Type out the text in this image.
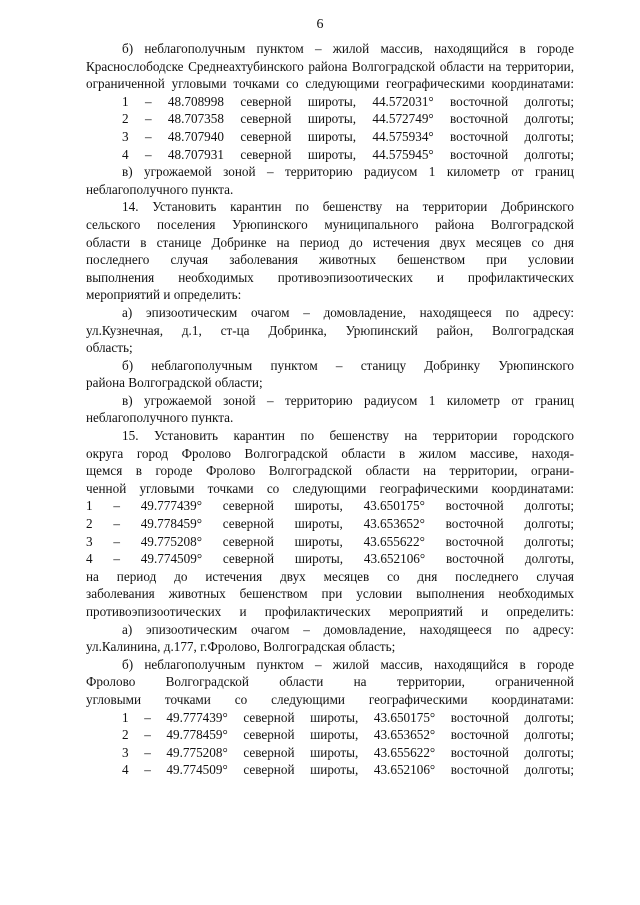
6

б) неблагополучным пунктом – жилой массив, находящийся в городе

Краснослободске Среднеахтубинского района Волгоградской области на территории,

ограниченной угловыми точками со следующими географическими координатами:

1 – 48.708998 северной широты, 44.572031° восточной долготы;

2 – 48.707358 северной широты, 44.572749° восточной долготы;

3 – 48.707940 северной широты, 44.575934° восточной долготы;

4 – 48.707931 северной широты, 44.575945° восточной долготы;

в) угрожаемой зоной – территорию радиусом 1 километр от границ

неблагополучного пункта.

14. Установить карантин по бешенству на территории Добринского

сельского поселения Урюпинского муниципального района Волгоградской

области в станице Добринке на период до истечения двух месяцев со дня

последнего случая заболевания животных бешенством при условии

выполнения необходимых противоэпизоотических и профилактических

мероприятий и определить:

а) эпизоотическим очагом – домовладение, находящееся по адресу:

ул.Кузнечная, д.1, ст-ца Добринка, Урюпинский район, Волгоградская

область;

б) неблагополучным пунктом – станицу Добринку Урюпинского

района Волгоградской области;

в) угрожаемой зоной – территорию радиусом 1 километр от границ

неблагополучного пункта.

15. Установить карантин по бешенству на территории городского

округа город Фролово Волгоградской области в жилом массиве, находя-

щемся в городе Фролово Волгоградской области на территории, ограни-

ченной угловыми точками со следующими географическими координатами:

1 – 49.777439° северной широты, 43.650175° восточной долготы;

2 – 49.778459° северной широты, 43.653652° восточной долготы;

3 – 49.775208° северной широты, 43.655622° восточной долготы;

4 – 49.774509° северной широты, 43.652106° восточной долготы,

на период до истечения двух месяцев со дня последнего случая

заболевания животных бешенством при условии выполнения необходимых

противоэпизоотических и профилактических мероприятий и определить:

а) эпизоотическим очагом – домовладение, находящееся по адресу:

ул.Калинина, д.177, г.Фролово, Волгоградская область;

б) неблагополучным пунктом – жилой массив, находящийся в городе

Фролово Волгоградской области на территории, ограниченной

угловыми точками со следующими географическими координатами:

1 – 49.777439° северной широты, 43.650175° восточной долготы;

2 – 49.778459° северной широты, 43.653652° восточной долготы;

3 – 49.775208° северной широты, 43.655622° восточной долготы;

4 – 49.774509° северной широты, 43.652106° восточной долготы;
